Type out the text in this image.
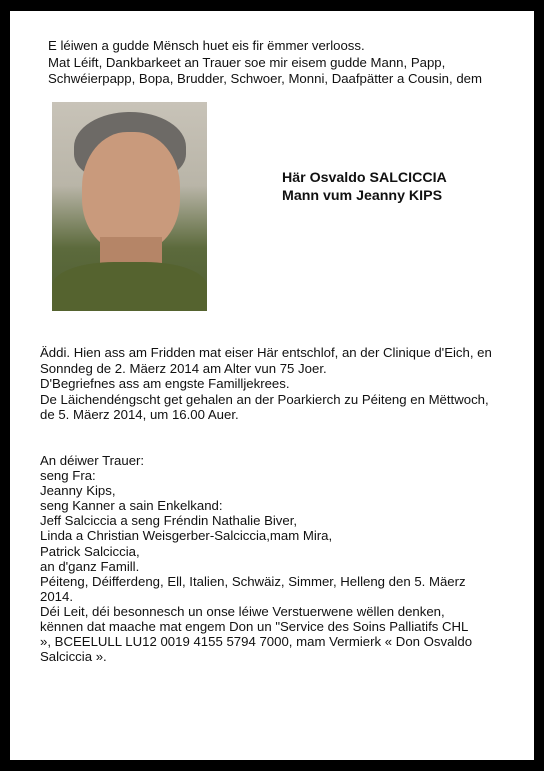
E léiwen a gudde Mënsch huet eis fir ëmmer verlooss.
Mat Léift, Dankbarkeet an Trauer soe mir eisem gudde Mann, Papp,
Schwéierpapp, Bopa, Brudder, Schwoer, Monni, Daafpätter a Cousin, dem
Här Osvaldo SALCICCIA
Mann vum Jeanny KIPS
Äddi. Hien ass am Fridden mat eiser Här entschlof, an der Clinique d'Eich, en
Sonndeg de 2. Mäerz 2014 am Alter vun 75 Joer.
D'Begriefnes ass am engste Familljekrees.
De Läichendéngscht get gehalen an der Poarkierch zu Péiteng en Mëttwoch,
de 5. Mäerz 2014, um 16.00 Auer.
An déiwer Trauer:
seng Fra:
Jeanny Kips,
seng Kanner a sain Enkelkand:
Jeff Salciccia a seng Fréndin Nathalie Biver,
Linda a Christian Weisgerber-Salciccia,mam Mira,
Patrick Salciccia,
an d'ganz Famill.
Péiteng, Déifferdeng, Ell, Italien, Schwäiz, Simmer, Helleng den 5. Mäerz
2014.
Déi Leit, déi besonnesch un onse léiwe Verstuerwene wëllen denken,
kënnen dat maache mat engem Don un "Service des Soins Palliatifs CHL
», BCEELULL LU12 0019 4155 5794 7000, mam Vermierk « Don Osvaldo
Salciccia ».
